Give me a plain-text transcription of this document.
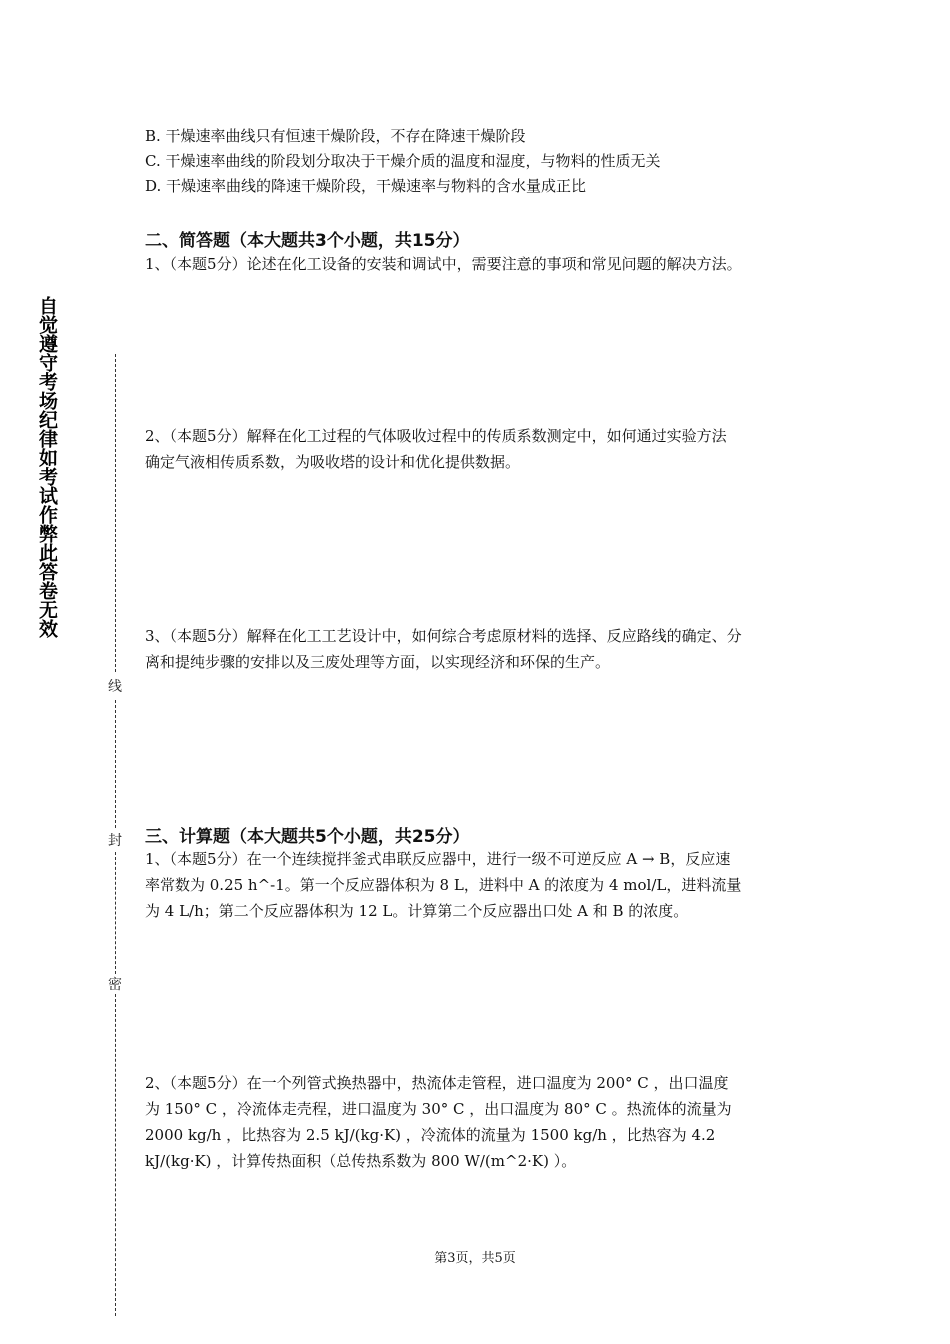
自觉遵守考场纪律如考试作弊此答卷无效
线
封
密
B. 干燥速率曲线只有恒速干燥阶段，不存在降速干燥阶段
C. 干燥速率曲线的阶段划分取决于干燥介质的温度和湿度，与物料的性质无关
D. 干燥速率曲线的降速干燥阶段，干燥速率与物料的含水量成正比
二、简答题（本大题共3个小题，共15分）
1、（本题5分）论述在化工设备的安装和调试中，需要注意的事项和常见问题的解决方法。
2、（本题5分）解释在化工过程的气体吸收过程中的传质系数测定中，如何通过实验方法
确定气液相传质系数，为吸收塔的设计和优化提供数据。
3、（本题5分）解释在化工工艺设计中，如何综合考虑原材料的选择、反应路线的确定、分
离和提纯步骤的安排以及三废处理等方面，以实现经济和环保的生产。
三、计算题（本大题共5个小题，共25分）
1、（本题5分）在一个连续搅拌釜式串联反应器中，进行一级不可逆反应 A → B，反应速
率常数为 0.25 h^-1。第一个反应器体积为 8 L，进料中 A 的浓度为 4 mol/L，进料流量
为 4 L/h；第二个反应器体积为 12 L。计算第二个反应器出口处 A 和 B 的浓度。
2、（本题5分）在一个列管式换热器中，热流体走管程，进口温度为 200° C ，出口温度
为 150° C ，冷流体走壳程，进口温度为 30° C ，出口温度为 80° C 。热流体的流量为
2000 kg/h ，比热容为 2.5 kJ/(kg·K) ，冷流体的流量为 1500 kg/h ，比热容为 4.2
kJ/(kg·K) ，计算传热面积（总传热系数为 800 W/(m^2·K) ）。
第3页，共5页
